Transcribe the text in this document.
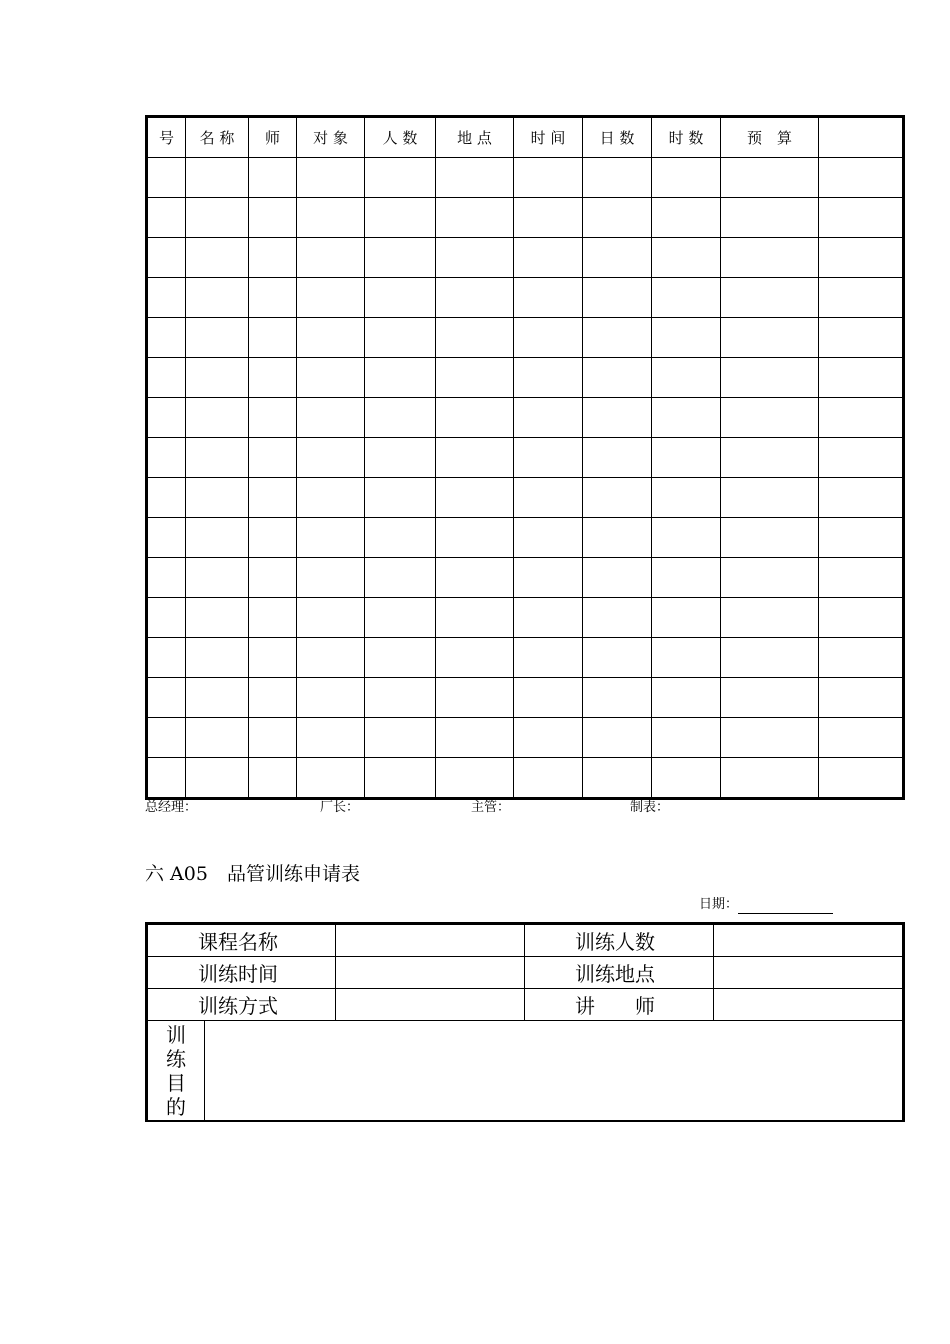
号	名 称	师	对 象	人 数	地 点	时 间	日 数	时 数	预　算	

总经理：	厂长：	主管：	制表：
六 A05　品管训练申请表
日期：
课程名称			训练人数	
训练时间			训练地点	
训练方式			讲　　师	

训练目的				
